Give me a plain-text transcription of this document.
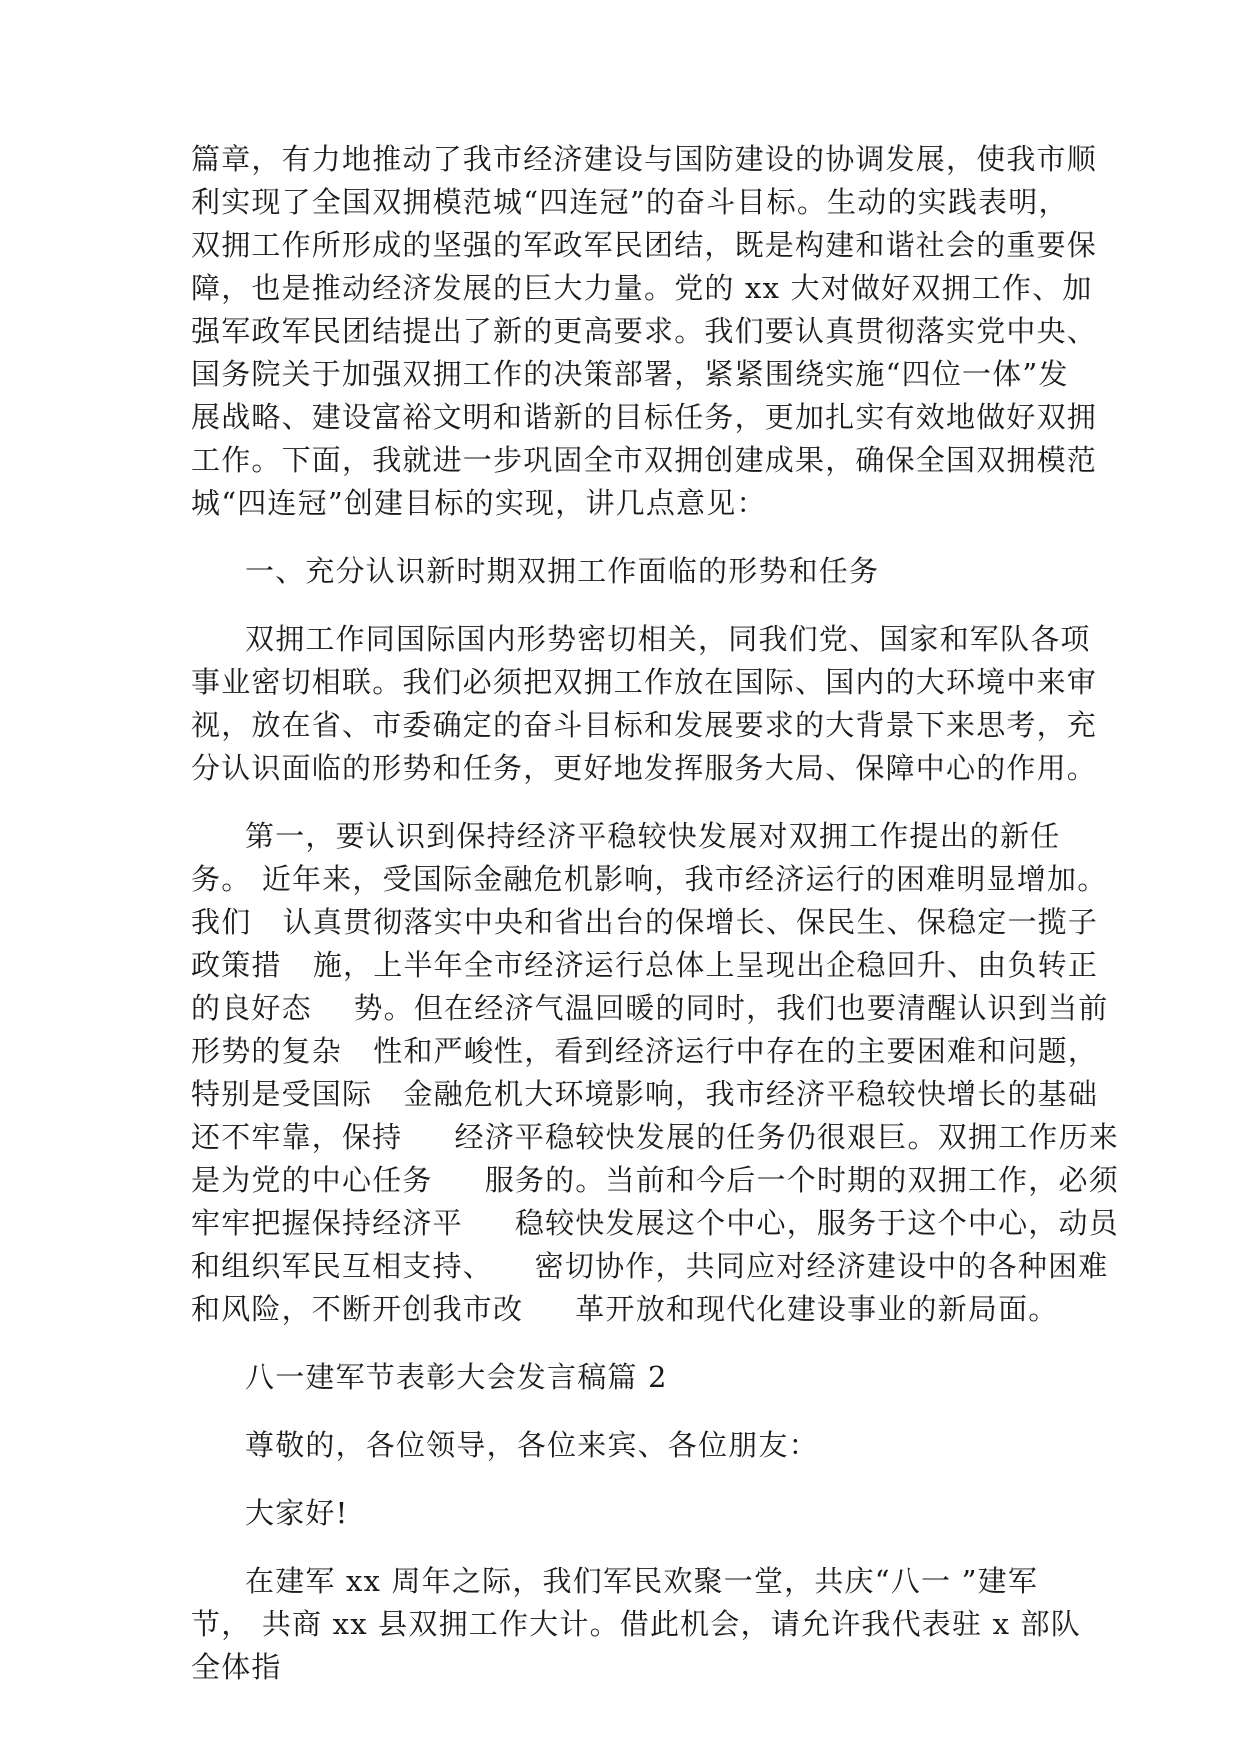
篇章，有力地推动了我市经济建设与国防建设的协调发展，使我市顺
利实现了全国双拥模范城“四连冠”的奋斗目标。生动的实践表明，
双拥工作所形成的坚强的军政军民团结，既是构建和谐社会的重要保
障，也是推动经济发展的巨大力量。党的 xx 大对做好双拥工作、加
强军政军民团结提出了新的更高要求。我们要认真贯彻落实党中央、
国务院关于加强双拥工作的决策部署，紧紧围绕实施“四位一体”发
展战略、建设富裕文明和谐新的目标任务，更加扎实有效地做好双拥
工作。下面，我就进一步巩固全市双拥创建成果，确保全国双拥模范
城“四连冠”创建目标的实现，讲几点意见：
一、充分认识新时期双拥工作面临的形势和任务
双拥工作同国际国内形势密切相关，同我们党、国家和军队各项
事业密切相联。我们必须把双拥工作放在国际、国内的大环境中来审
视，放在省、市委确定的奋斗目标和发展要求的大背景下来思考，充
分认识面临的形势和任务，更好地发挥服务大局、保障中心的作用。
第一，要认识到保持经济平稳较快发展对双拥工作提出的新任
务。 近年来，受国际金融危机影响，我市经济运行的困难明显增加。
我们   认真贯彻落实中央和省出台的保增长、保民生、保稳定一揽子
政策措   施，上半年全市经济运行总体上呈现出企稳回升、由负转正
的良好态    势。但在经济气温回暖的同时，我们也要清醒认识到当前
形势的复杂   性和严峻性，看到经济运行中存在的主要困难和问题，
特别是受国际   金融危机大环境影响，我市经济平稳较快增长的基础
还不牢靠，保持     经济平稳较快发展的任务仍很艰巨。双拥工作历来
是为党的中心任务     服务的。当前和今后一个时期的双拥工作，必须
牢牢把握保持经济平     稳较快发展这个中心，服务于这个中心，动员
和组织军民互相支持、    密切协作，共同应对经济建设中的各种困难
和风险，不断开创我市改     革开放和现代化建设事业的新局面。
八一建军节表彰大会发言稿篇 2
尊敬的，各位领导，各位来宾、各位朋友：
大家好!
在建军 xx 周年之际，我们军民欢聚一堂，共庆“八一 ”建军
节， 共商 xx 县双拥工作大计。借此机会，请允许我代表驻 x 部队
全体指
